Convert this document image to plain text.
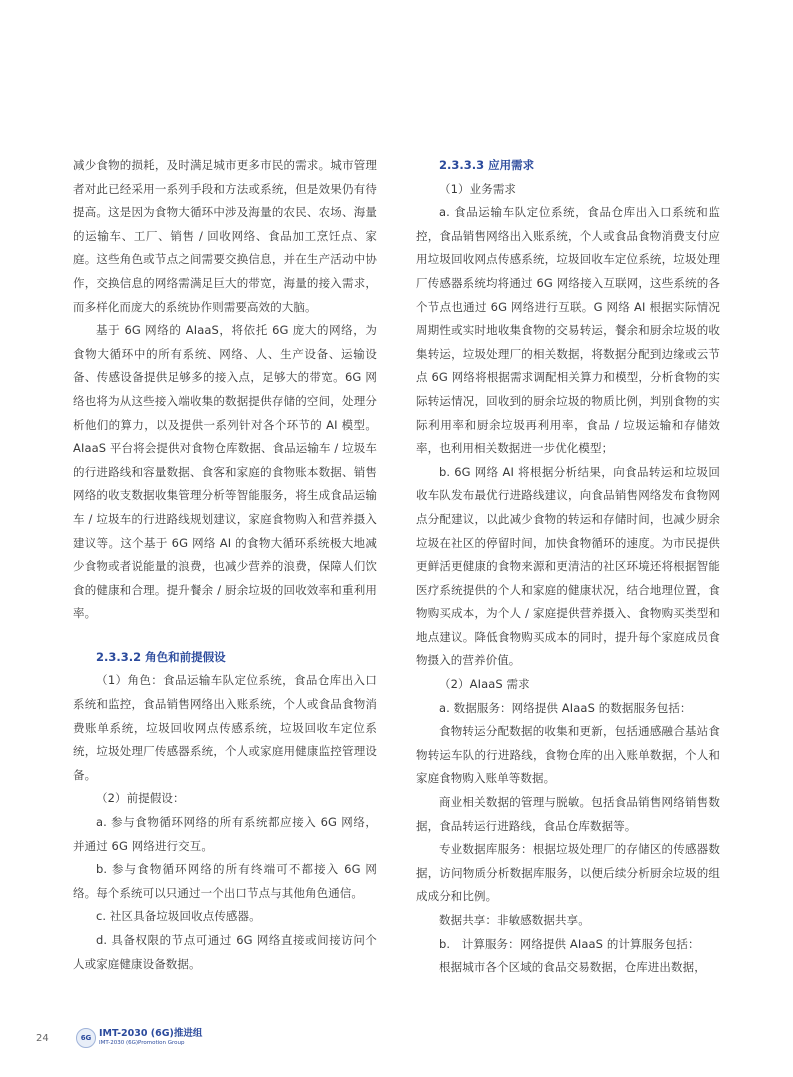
减少食物的损耗，及时满足城市更多市民的需求。城市管理者对此已经采用一系列手段和方法或系统，但是效果仍有待提高。这是因为食物大循环中涉及海量的农民、农场、海量的运输车、工厂、销售 / 回收网络、食品加工烹饪点、家庭。这些角色或节点之间需要交换信息，并在生产活动中协作，交换信息的网络需满足巨大的带宽，海量的接入需求，而多样化而庞大的系统协作则需要高效的大脑。

基于 6G 网络的 AIaaS，将依托 6G 庞大的网络，为食物大循环中的所有系统、网络、人、生产设备、运输设备、传感设备提供足够多的接入点，足够大的带宽。6G 网络也将为从这些接入端收集的数据提供存储的空间，处理分析他们的算力，以及提供一系列针对各个环节的 AI 模型。AIaaS 平台将会提供对食物仓库数据、食品运输车 / 垃圾车的行进路线和容量数据、食客和家庭的食物账本数据、销售网络的收支数据收集管理分析等智能服务，将生成食品运输车 / 垃圾车的行进路线规划建议，家庭食物购入和营养摄入建议等。这个基于 6G 网络 AI 的食物大循环系统极大地减少食物或者说能量的浪费，也减少营养的浪费，保障人们饮食的健康和合理。提升餐余 / 厨余垃圾的回收效率和重利用率。

2.3.3.2 角色和前提假设

（1）角色：食品运输车队定位系统，食品仓库出入口系统和监控，食品销售网络出入账系统，个人或食品食物消费账单系统，垃圾回收网点传感系统，垃圾回收车定位系统，垃圾处理厂传感器系统，个人或家庭用健康监控管理设备。

（2）前提假设：

a. 参与食物循环网络的所有系统都应接入 6G 网络，并通过 6G 网络进行交互。

b. 参与食物循环网络的所有终端可不都接入 6G 网络。每个系统可以只通过一个出口节点与其他角色通信。

c. 社区具备垃圾回收点传感器。

d. 具备权限的节点可通过 6G 网络直接或间接访问个人或家庭健康设备数据。

2.3.3.3 应用需求

（1）业务需求

a. 食品运输车队定位系统，食品仓库出入口系统和监控，食品销售网络出入账系统，个人或食品食物消费支付应用垃圾回收网点传感系统，垃圾回收车定位系统，垃圾处理厂传感器系统均将通过 6G 网络接入互联网，这些系统的各个节点也通过 6G 网络进行互联。G 网络 AI 根据实际情况周期性或实时地收集食物的交易转运，餐余和厨余垃圾的收集转运，垃圾处理厂的相关数据，将数据分配到边缘或云节点 6G 网络将根据需求调配相关算力和模型，分析食物的实际转运情况，回收到的厨余垃圾的物质比例，判别食物的实际利用率和厨余垃圾再利用率，食品 / 垃圾运输和存储效率，也利用相关数据进一步优化模型；

b. 6G 网络 AI 将根据分析结果，向食品转运和垃圾回收车队发布最优行进路线建议，向食品销售网络发布食物网点分配建议，以此减少食物的转运和存储时间，也减少厨余垃圾在社区的停留时间，加快食物循环的速度。为市民提供更鲜活更健康的食物来源和更清洁的社区环境还将根据智能医疗系统提供的个人和家庭的健康状况，结合地理位置，食物购买成本，为个人 / 家庭提供营养摄入、食物购买类型和地点建议。降低食物购买成本的同时，提升每个家庭成员食物摄入的营养价值。

（2）AIaaS 需求

a. 数据服务：网络提供 AIaaS 的数据服务包括：

食物转运分配数据的收集和更新，包括通感融合基站食物转运车队的行进路线，食物仓库的出入账单数据，个人和家庭食物购入账单等数据。

商业相关数据的管理与脱敏。包括食品销售网络销售数据，食品转运行进路线，食品仓库数据等。

专业数据库服务：根据垃圾处理厂的存储区的传感器数据，访问物质分析数据库服务，以便后续分析厨余垃圾的组成成分和比例。

数据共享：非敏感数据共享。

b.　计算服务：网络提供 AIaaS 的计算服务包括：

根据城市各个区域的食品交易数据，仓库进出数据，

24	6G IMT-2030 (6G)推进组
IMT-2030 (6G)Promotion Group
